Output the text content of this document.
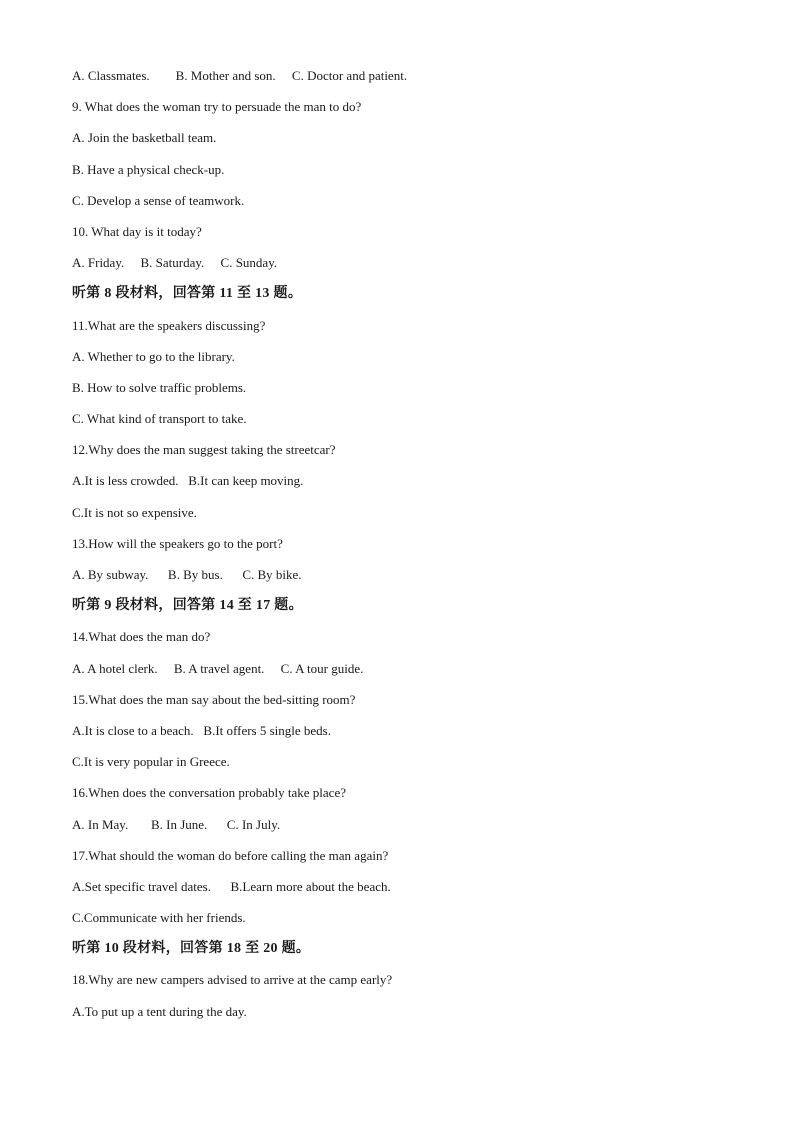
A. Classmates.        B. Mother and son.     C. Doctor and patient.
9. What does the woman try to persuade the man to do?
A. Join the basketball team.
B. Have a physical check-up.
C. Develop a sense of teamwork.
10. What day is it today?
A. Friday.     B. Saturday.     C. Sunday.
听第 8 段材料，回答第 11 至 13 题。
11.What are the speakers discussing?
A. Whether to go to the library.
B. How to solve traffic problems.
C. What kind of transport to take.
12.Why does the man suggest taking the streetcar?
A.It is less crowded.   B.It can keep moving.
C.It is not so expensive.
13.How will the speakers go to the port?
A. By subway.      B. By bus.      C. By bike.
听第 9 段材料，回答第 14 至 17 题。
14.What does the man do?
A. A hotel clerk.     B. A travel agent.     C. A tour guide.
15.What does the man say about the bed-sitting room?
A.It is close to a beach.   B.It offers 5 single beds.
C.It is very popular in Greece.
16.When does the conversation probably take place?
A. In May.       B. In June.      C. In July.
17.What should the woman do before calling the man again?
A.Set specific travel dates.      B.Learn more about the beach.
C.Communicate with her friends.
听第 10 段材料，回答第 18 至 20 题。
18.Why are new campers advised to arrive at the camp early?
A.To put up a tent during the day.
